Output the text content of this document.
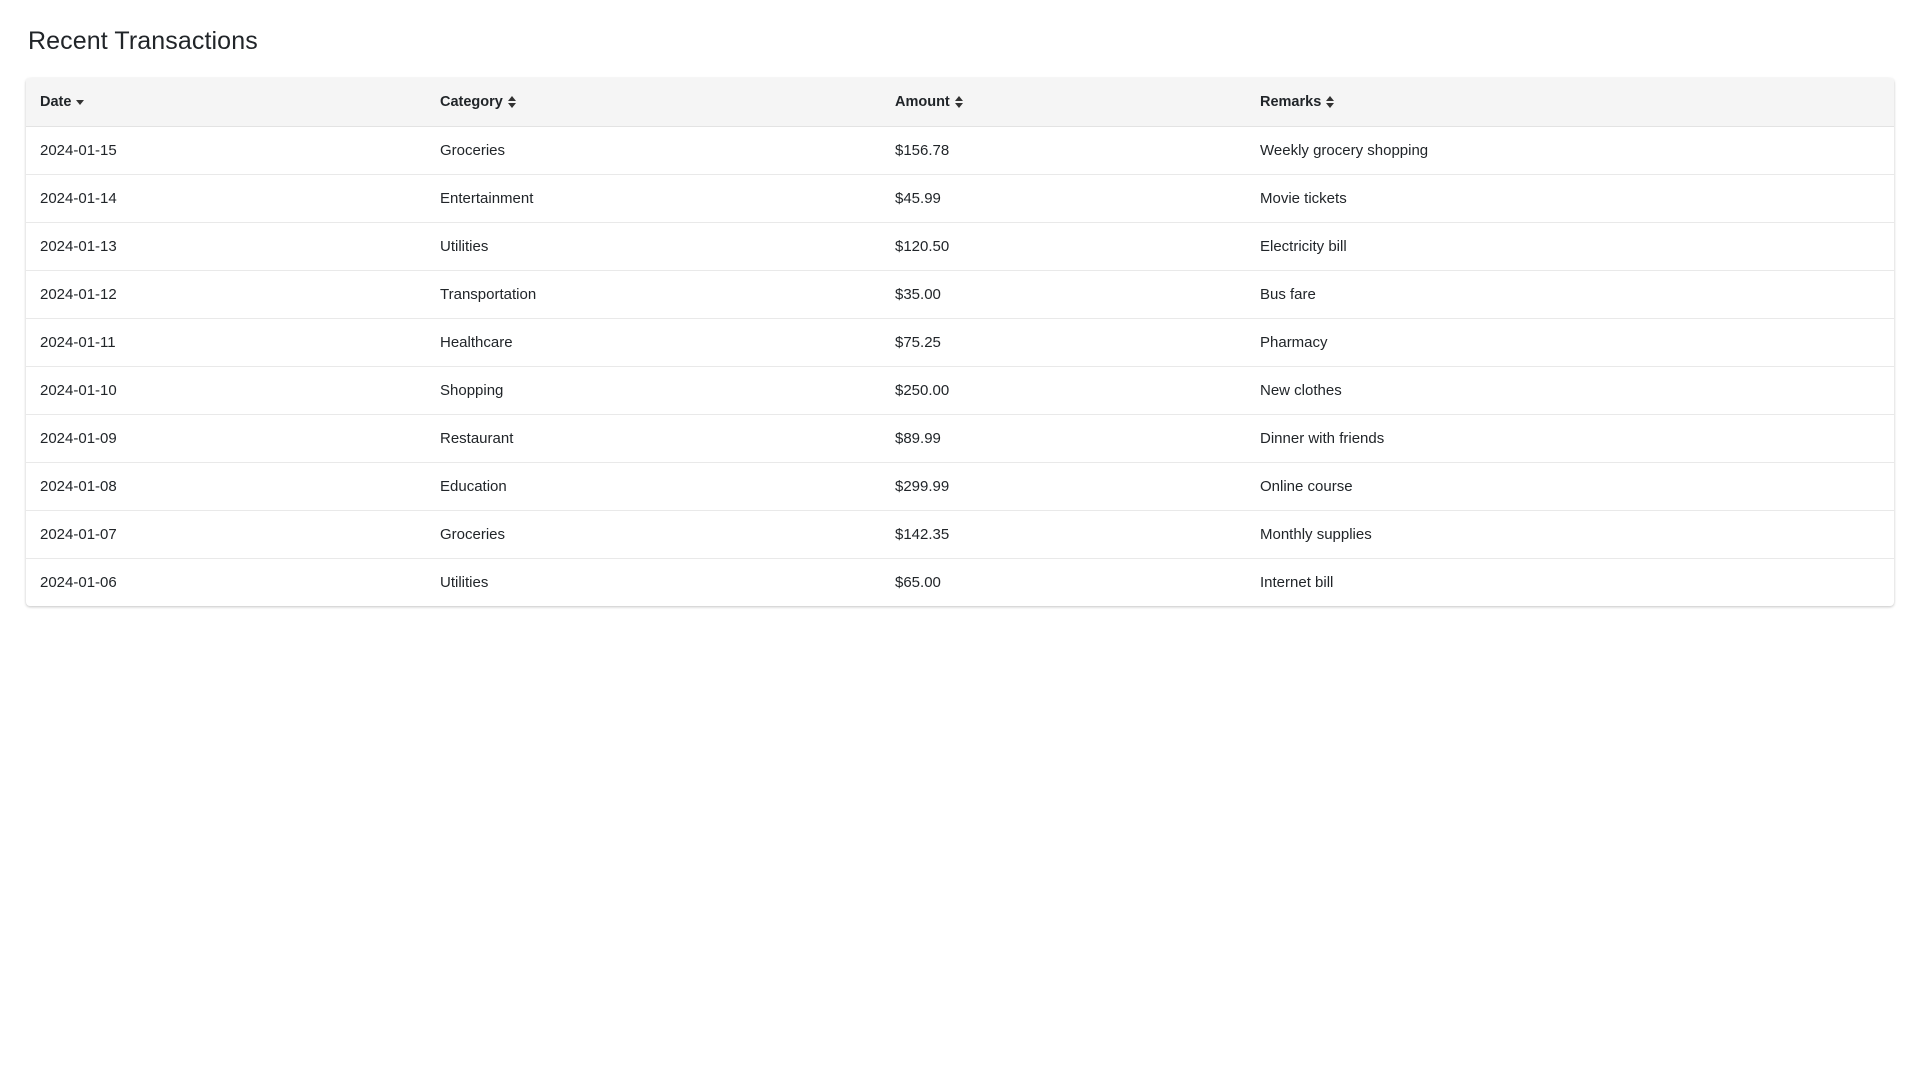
Recent Transactions
Date	Category	Amount	Remarks

2024-01-15	Groceries	$156.78	Weekly grocery shopping
2024-01-14	Entertainment	$45.99	Movie tickets
2024-01-13	Utilities	$120.50	Electricity bill
2024-01-12	Transportation	$35.00	Bus fare
2024-01-11	Healthcare	$75.25	Pharmacy
2024-01-10	Shopping	$250.00	New clothes
2024-01-09	Restaurant	$89.99	Dinner with friends
2024-01-08	Education	$299.99	Online course
2024-01-07	Groceries	$142.35	Monthly supplies
2024-01-06	Utilities	$65.00	Internet bill
